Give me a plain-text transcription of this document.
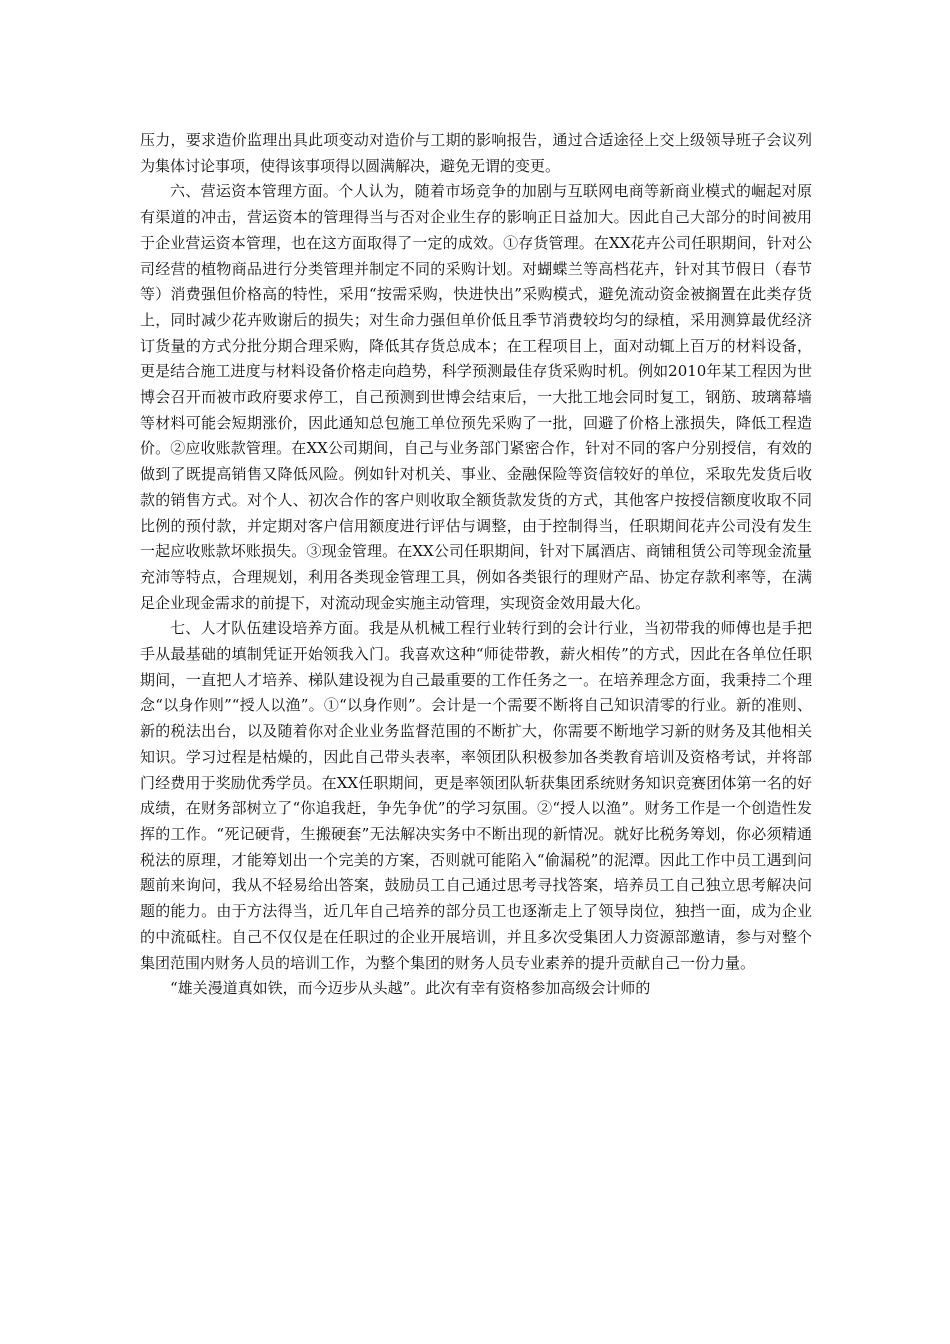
压力，要求造价监理出具此项变动对造价与工期的影响报告，通过合适途径上交上级领导班子会议列为集体讨论事项，使得该事项得以圆满解决，避免无谓的变更。

六、营运资本管理方面。个人认为，随着市场竞争的加剧与互联网电商等新商业模式的崛起对原有渠道的冲击，营运资本的管理得当与否对企业生存的影响正日益加大。因此自己大部分的时间被用于企业营运资本管理，也在这方面取得了一定的成效。①存货管理。在XX花卉公司任职期间，针对公司经营的植物商品进行分类管理并制定不同的采购计划。对蝴蝶兰等高档花卉，针对其节假日（春节等）消费强但价格高的特性，采用“按需采购，快进快出”采购模式，避免流动资金被搁置在此类存货上，同时减少花卉败谢后的损失；对生命力强但单价低且季节消费较均匀的绿植，采用测算最优经济订货量的方式分批分期合理采购，降低其存货总成本；在工程项目上，面对动辄上百万的材料设备，更是结合施工进度与材料设备价格走向趋势，科学预测最佳存货采购时机。例如2010年某工程因为世博会召开而被市政府要求停工，自己预测到世博会结束后，一大批工地会同时复工，钢筋、玻璃幕墙等材料可能会短期涨价，因此通知总包施工单位预先采购了一批，回避了价格上涨损失，降低工程造价。②应收账款管理。在XX公司期间，自己与业务部门紧密合作，针对不同的客户分别授信，有效的做到了既提高销售又降低风险。例如针对机关、事业、金融保险等资信较好的单位，采取先发货后收款的销售方式。对个人、初次合作的客户则收取全额货款发货的方式，其他客户按授信额度收取不同比例的预付款，并定期对客户信用额度进行评估与调整，由于控制得当，任职期间花卉公司没有发生一起应收账款坏账损失。③现金管理。在XX公司任职期间，针对下属酒店、商铺租赁公司等现金流量充沛等特点，合理规划，利用各类现金管理工具，例如各类银行的理财产品、协定存款利率等，在满足企业现金需求的前提下，对流动现金实施主动管理，实现资金效用最大化。

七、人才队伍建设培养方面。我是从机械工程行业转行到的会计行业，当初带我的师傅也是手把手从最基础的填制凭证开始领我入门。我喜欢这种“师徒带教，薪火相传”的方式，因此在各单位任职期间，一直把人才培养、梯队建设视为自己最重要的工作任务之一。在培养理念方面，我秉持二个理念“以身作则”“授人以渔”。①“以身作则”。会计是一个需要不断将自己知识清零的行业。新的准则、新的税法出台，以及随着你对企业业务监督范围的不断扩大，你需要不断地学习新的财务及其他相关知识。学习过程是枯燥的，因此自己带头表率，率领团队积极参加各类教育培训及资格考试，并将部门经费用于奖励优秀学员。在XX任职期间，更是率领团队斩获集团系统财务知识竞赛团体第一名的好成绩，在财务部树立了“你追我赶，争先争优”的学习氛围。②“授人以渔”。财务工作是一个创造性发挥的工作。“死记硬背，生搬硬套”无法解决实务中不断出现的新情况。就好比税务筹划，你必须精通税法的原理，才能筹划出一个完美的方案，否则就可能陷入“偷漏税”的泥潭。因此工作中员工遇到问题前来询问，我从不轻易给出答案，鼓励员工自己通过思考寻找答案，培养员工自己独立思考解决问题的能力。由于方法得当，近几年自己培养的部分员工也逐渐走上了领导岗位，独挡一面，成为企业的中流砥柱。自己不仅仅是在任职过的企业开展培训，并且多次受集团人力资源部邀请，参与对整个集团范围内财务人员的培训工作，为整个集团的财务人员专业素养的提升贡献自己一份力量。

“雄关漫道真如铁，而今迈步从头越”。此次有幸有资格参加高级会计师的
